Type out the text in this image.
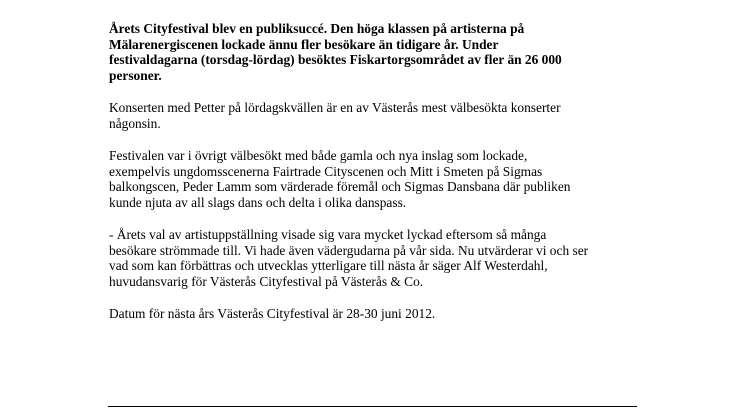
Årets Cityfestival blev en publiksuccé. Den höga klassen på artisterna på
Mälarenergiscenen lockade ännu fler besökare än tidigare år. Under
festivaldagarna (torsdag-lördag) besöktes Fiskartorgsområdet av fler än 26 000
personer.

Konserten med Petter på lördagskvällen är en av Västerås mest välbesökta konserter
någonsin.

Festivalen var i övrigt välbesökt med både gamla och nya inslag som lockade,
exempelvis ungdomsscenerna Fairtrade Cityscenen och Mitt i Smeten på Sigmas
balkongscen, Peder Lamm som värderade föremål och Sigmas Dansbana där publiken
kunde njuta av all slags dans och delta i olika danspass.

- Årets val av artistuppställning visade sig vara mycket lyckad eftersom så många
besökare strömmade till. Vi hade även vädergudarna på vår sida. Nu utvärderar vi och ser
vad som kan förbättras och utvecklas ytterligare till nästa år säger Alf Westerdahl,
huvudansvarig för Västerås Cityfestival på Västerås & Co.

Datum för nästa års Västerås Cityfestival är 28-30 juni 2012.
